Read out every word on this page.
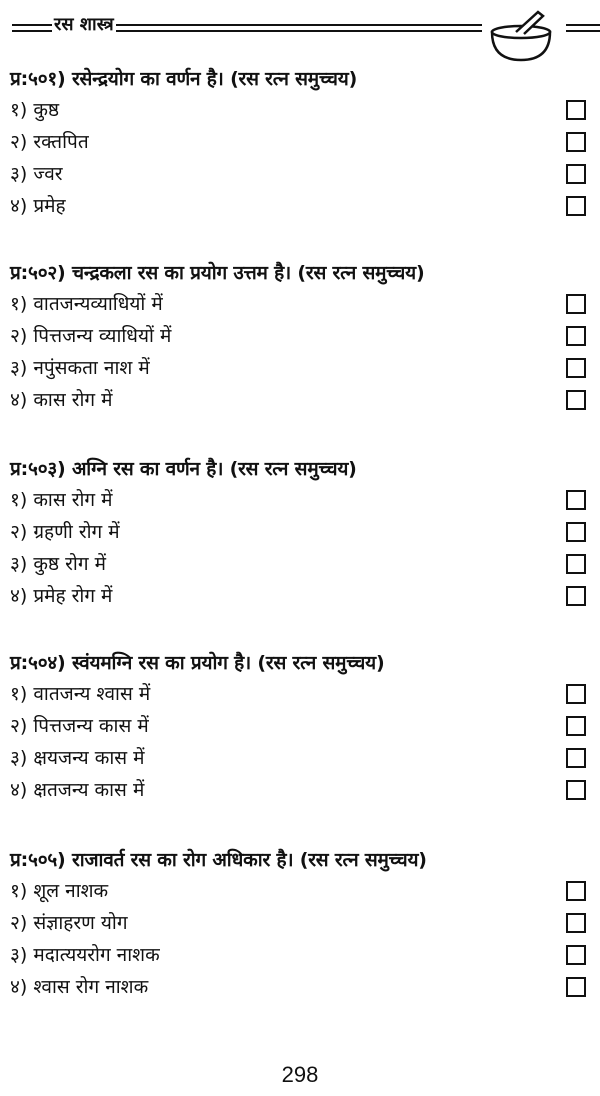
रस शास्त्र
प्र:५०१) रसेन्द्रयोग का वर्णन है। (रस रत्न समुच्चय)
१) कुष्ठ
२) रक्तपित
३) ज्वर
४) प्रमेह
प्र:५०२) चन्द्रकला रस का प्रयोग उत्तम है। (रस रत्न समुच्चय)
१) वातजन्यव्याधियों में
२) पित्तजन्य व्याधियों में
३) नपुंसकता नाश में
४) कास रोग में
प्र:५०३) अग्नि रस का वर्णन है। (रस रत्न समुच्चय)
१) कास रोग में
२) ग्रहणी रोग में
३) कुष्ठ रोग में
४) प्रमेह रोग में
प्र:५०४) स्वंयमग्नि रस का प्रयोग है। (रस रत्न समुच्चय)
१) वातजन्य श्वास में
२) पित्तजन्य कास में
३) क्षयजन्य कास में
४) क्षतजन्य कास में
प्र:५०५) राजावर्त रस का रोग अधिकार है। (रस रत्न समुच्चय)
१) शूल नाशक
२) संज्ञाहरण योग
३) मदात्ययरोग नाशक
४) श्वास रोग नाशक
298
